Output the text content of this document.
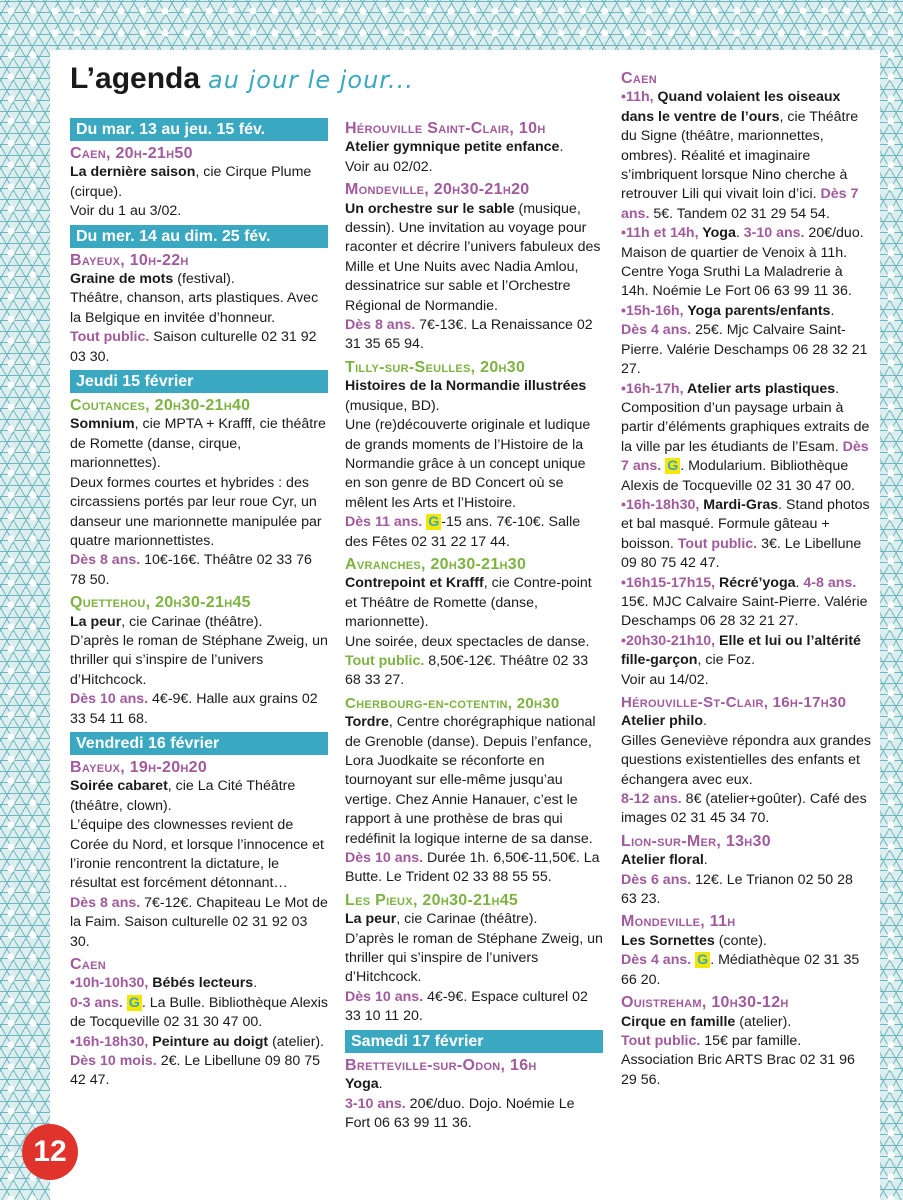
L’agenda au jour le jour...
Du mar. 13 au jeu. 15 fév.
Caen, 20h-21h50

La dernière saison, cie Cirque Plume (cirque).

Voir du 1 au 3/02.

Du mer. 14 au dim. 25 fév.
Bayeux, 10h-22h

Graine de mots (festival).

Théâtre, chanson, arts plastiques. Avec la Belgique en invitée d’honneur.

Tout public. Saison culturelle 02 31 92 03 30.

Jeudi 15 février
Coutances, 20h30-21h40

Somnium, cie MPTA + Krafff, cie théâtre de Romette (danse, cirque, marionnettes).

Deux formes courtes et hybrides : des circassiens portés par leur roue Cyr, un danseur une marionnette manipulée par quatre marionnettistes.

Dès 8 ans. 10€-16€. Théâtre 02 33 76 78 50.

Quettehou, 20h30-21h45

La peur, cie Carinae (théâtre).

D’après le roman de Stéphane Zweig, un thriller qui s’inspire de l’univers d’Hitchcock.

Dès 10 ans. 4€-9€. Halle aux grains 02 33 54 11 68.

Vendredi 16 février
Bayeux, 19h-20h20

Soirée cabaret, cie La Cité Théâtre (théâtre, clown).

L’équipe des clownesses revient de Corée du Nord, et lorsque l’innocence et l’ironie rencontrent la dictature, le résultat est forcément détonnant…

Dès 8 ans. 7€-12€. Chapiteau Le Mot de la Faim. Saison culturelle 02 31 92 03 30.

Caen

•10h-10h30, Bébés lecteurs.
0-3 ans. G . La Bulle. Bibliothèque Alexis de Tocqueville 02 31 30 47 00.

•16h-18h30, Peinture au doigt (atelier). Dès 10 mois. 2€. Le Libellune 09 80 75 42 47.

Hérouville Saint-Clair, 10h

Atelier gymnique petite enfance.

Voir au 02/02.

Mondeville, 20h30-21h20

Un orchestre sur le sable (musique, dessin). Une invitation au voyage pour raconter et décrire l’univers fabuleux des Mille et Une Nuits avec Nadia Amlou, dessinatrice sur sable et l’Orchestre Régional de Normandie.

Dès 8 ans. 7€-13€. La Renaissance 02 31 35 65 94.

Tilly-sur-Seulles, 20h30

Histoires de la Normandie illustrées (musique, BD).

Une (re)découverte originale et ludique de grands moments de l’Histoire de la Normandie grâce à un concept unique en son genre de BD Concert où se mêlent les Arts et l’Histoire.

Dès 11 ans. G -15 ans. 7€-10€. Salle des Fêtes 02 31 22 17 44.

Avranches, 20h30-21h30

Contrepoint et Krafff, cie Contre-point et Théâtre de Romette (danse, marionnette).

Une soirée, deux spectacles de danse.

Tout public. 8,50€-12€. Théâtre 02 33 68 33 27.

Cherbourg-en-cotentin, 20h30

Tordre, Centre chorégraphique national de Grenoble (danse). Depuis l’enfance, Lora Juodkaite se réconforte en tournoyant sur elle-même jusqu’au vertige. Chez Annie Hanauer, c’est le rapport à une prothèse de bras qui redéfinit la logique interne de sa danse.

Dès 10 ans. Durée 1h. 6,50€-11,50€. La Butte. Le Trident 02 33 88 55 55.

Les Pieux, 20h30-21h45

La peur, cie Carinae (théâtre).

D’après le roman de Stéphane Zweig, un thriller qui s’inspire de l’univers d’Hitchcock.

Dès 10 ans. 4€-9€. Espace culturel 02 33 10 11 20.

Samedi 17 février
Bretteville-sur-Odon, 16h

Yoga.

3-10 ans. 20€/duo. Dojo. Noémie Le Fort 06 63 99 11 36.

Caen

•11h, Quand volaient les oiseaux dans le ventre de l’ours, cie Théâtre du Signe (théâtre, marionnettes, ombres). Réalité et imaginaire s’imbriquent lorsque Nino cherche à retrouver Lili qui vivait loin d’ici. Dès 7 ans. 5€. Tandem 02 31 29 54 54.

•11h et 14h, Yoga. 3-10 ans. 20€/duo. Maison de quartier de Venoix à 11h. Centre Yoga Sruthi La Maladrerie à 14h. Noémie Le Fort 06 63 99 11 36.

•15h-16h, Yoga parents/enfants.
Dès 4 ans. 25€. Mjc Calvaire Saint-Pierre. Valérie Deschamps 06 28 32 21 27.

•16h-17h, Atelier arts plastiques. Composition d’un paysage urbain à partir d’éléments graphiques extraits de la ville par les étudiants de l’Esam. Dès 7 ans. G . Modularium. Bibliothèque Alexis de Tocqueville 02 31 30 47 00.

•16h-18h30, Mardi-Gras. Stand photos et bal masqué. Formule gâteau + boisson. Tout public. 3€. Le Libellune 09 80 75 42 47.

•16h15-17h15, Récré’yoga. 4-8 ans. 15€. MJC Calvaire Saint-Pierre. Valérie Deschamps 06 28 32 21 27.

•20h30-21h10, Elle et lui ou l’altérité fille-garçon, cie Foz.

Voir au 14/02.

Hérouville-St-Clair, 16h-17h30

Atelier philo.

Gilles Geneviève répondra aux grandes questions existentielles des enfants et échangera avec eux.

8-12 ans. 8€ (atelier+goûter). Café des images 02 31 45 34 70.

Lion-sur-Mer, 13h30

Atelier floral.

Dès 6 ans. 12€. Le Trianon 02 50 28 63 23.

Mondeville, 11h

Les Sornettes (conte).

Dès 4 ans. G . Médiathèque 02 31 35 66 20.

Ouistreham, 10h30-12h

Cirque en famille (atelier).

Tout public. 15€ par famille. Association Bric ARTS Brac 02 31 96 29 56.

12
